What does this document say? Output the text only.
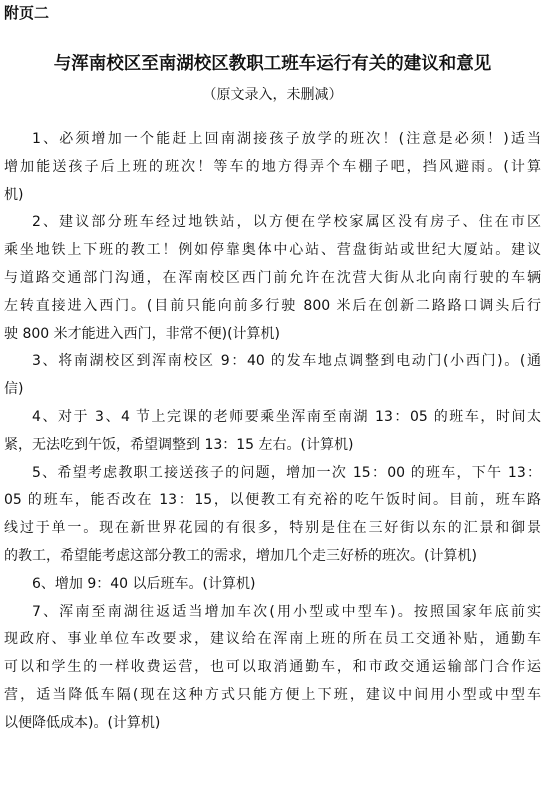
附页二
与浑南校区至南湖校区教职工班车运行有关的建议和意见
（原文录入，未删减）
1、必须增加一个能赶上回南湖接孩子放学的班次！(注意是必须！)适当
增加能送孩子后上班的班次！等车的地方得弄个车棚子吧，挡风避雨。(计算
机)
2、建议部分班车经过地铁站，以方便在学校家属区没有房子、住在市区
乘坐地铁上下班的教工！例如停靠奥体中心站、营盘街站或世纪大厦站。建议
与道路交通部门沟通，在浑南校区西门前允许在沈营大街从北向南行驶的车辆
左转直接进入西门。(目前只能向前多行驶 800 米后在创新二路路口调头后行
驶 800 米才能进入西门，非常不便)(计算机)
3、将南湖校区到浑南校区 9：40 的发车地点调整到电动门(小西门)。(通
信)
4、对于 3、4 节上完课的老师要乘坐浑南至南湖 13：05 的班车，时间太
紧，无法吃到午饭，希望调整到 13：15 左右。(计算机)
5、希望考虑教职工接送孩子的问题，增加一次 15：00 的班车，下午 13：
05 的班车，能否改在 13：15，以便教工有充裕的吃午饭时间。目前，班车路
线过于单一。现在新世界花园的有很多，特别是住在三好街以东的汇景和御景
的教工，希望能考虑这部分教工的需求，增加几个走三好桥的班次。(计算机)
6、增加 9：40 以后班车。(计算机)
7、浑南至南湖往返适当增加车次(用小型或中型车)。按照国家年底前实
现政府、事业单位车改要求，建议给在浑南上班的所在员工交通补贴，通勤车
可以和学生的一样收费运营，也可以取消通勤车，和市政交通运输部门合作运
营，适当降低车隔(现在这种方式只能方便上下班，建议中间用小型或中型车
以便降低成本)。(计算机)
